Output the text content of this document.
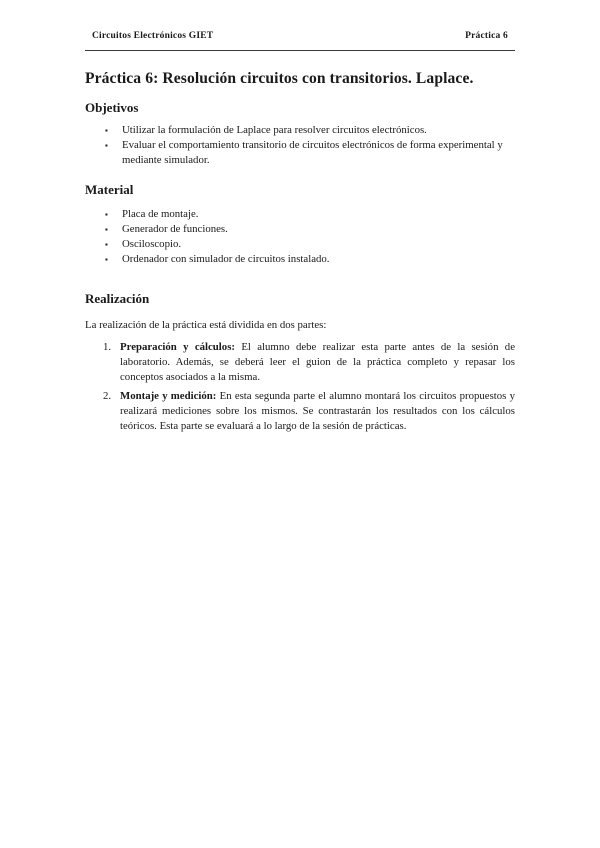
Circuitos Electrónicos GIET	Práctica 6
Práctica 6: Resolución circuitos con transitorios. Laplace.
Objetivos
▪ Utilizar la formulación de Laplace para resolver circuitos electrónicos.
▪ Evaluar el comportamiento transitorio de circuitos electrónicos de forma experimental y mediante simulador.
Material
▪ Placa de montaje.
▪ Generador de funciones.
▪ Osciloscopio.
▪ Ordenador con simulador de circuitos instalado.
Realización

La realización de la práctica está dividida en dos partes:

1. Preparación y cálculos: El alumno debe realizar esta parte antes de la sesión de laboratorio. Además, se deberá leer el guion de la práctica completo y repasar los conceptos asociados a la misma.
2. Montaje y medición: En esta segunda parte el alumno montará los circuitos propuestos y realizará mediciones sobre los mismos. Se contrastarán los resultados con los cálculos teóricos. Esta parte se evaluará a lo largo de la sesión de prácticas.
